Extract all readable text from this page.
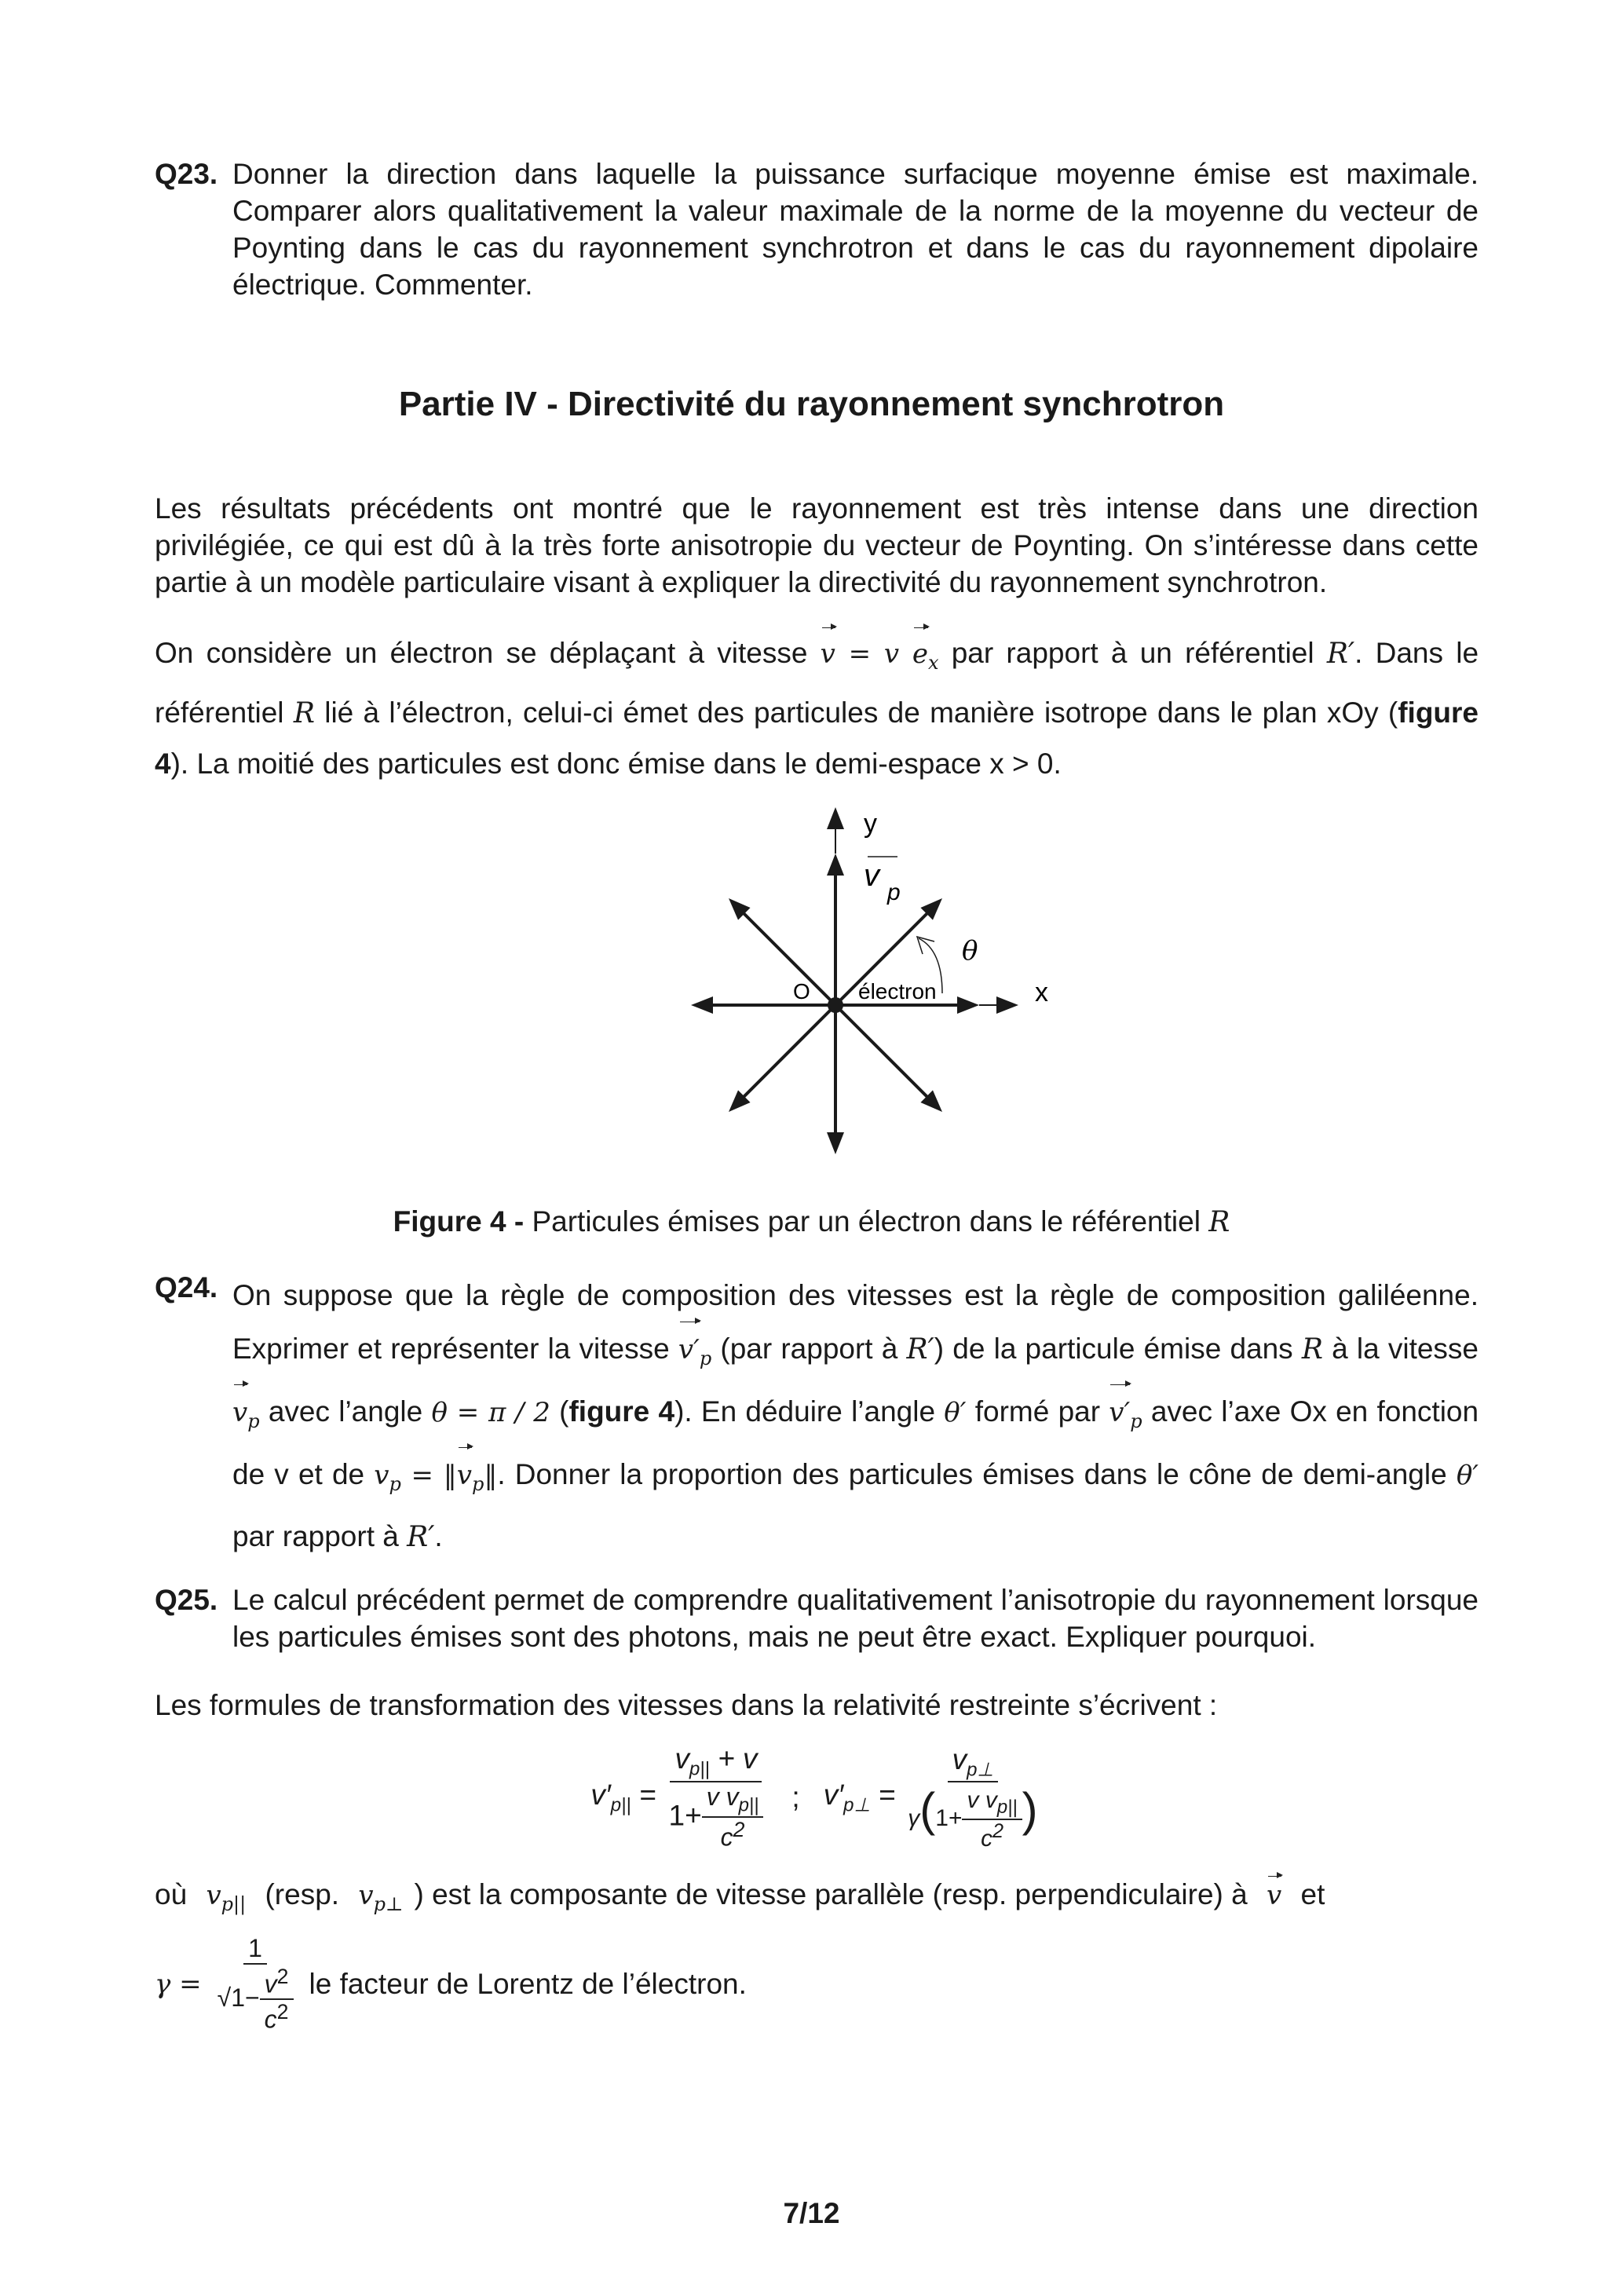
Q23. Donner la direction dans laquelle la puissance surfacique moyenne émise est maximale. Comparer alors qualitativement la valeur maximale de la norme de la moyenne du vecteur de Poynting dans le cas du rayonnement synchrotron et dans le cas du rayonnement dipolaire électrique. Commenter.
Partie IV - Directivité du rayonnement synchrotron
Les résultats précédents ont montré que le rayonnement est très intense dans une direction privilégiée, ce qui est dû à la très forte anisotropie du vecteur de Poynting. On s’intéresse dans cette partie à un modèle particulaire visant à expliquer la directivité du rayonnement synchrotron.
On considère un électron se déplaçant à vitesse v = v $e_x$ par rapport à un référentiel R′. Dans le référentiel R lié à l’électron, celui-ci émet des particules de manière isotrope dans le plan xOy (figure 4). La moitié des particules est donc émise dans le demi-espace x > 0.
y
x
O électron
v p
θ
Figure 4 - Particules émises par un électron dans le référentiel R
Q24. On suppose que la règle de composition des vitesses est la règle de composition galiléenne. Exprimer et représenter la vitesse $v'_p$ (par rapport à R′) de la particule émise dans R à la vitesse $v_p$ avec l’angle θ = π / 2 (figure 4). En déduire l’angle θ′ formé par $v'_p$ avec l’axe Ox en fonction de v et de $v_p$ = $‖v_p‖$. Donner la proportion des particules émises dans le cône de demi-angle θ′ par rapport à R′.
Q25. Le calcul précédent permet de comprendre qualitativement l’anisotropie du rayonnement lorsque les particules émises sont des photons, mais ne peut être exact. Expliquer pourquoi.
Les formules de transformation des vitesses dans la relativité restreinte s’écrivent :
$v'_{p||} = \frac{v_{p||} + v}{1+ \frac{v v_{p||}}{c^2}}$ ; $v'_{p\perp} = \frac{v_{p\perp}}{\gamma(1+ \frac{v v_{p||}}{c^2} )}$
où $v_{p||}$ (resp. $v_{p\perp}$ ) est la composante de vitesse parallèle (resp. perpendiculaire) à v et
$\gamma = \frac{1}{√1- \frac{v^2}{c^2}}$ le facteur de Lorentz de l’électron.
7/12
